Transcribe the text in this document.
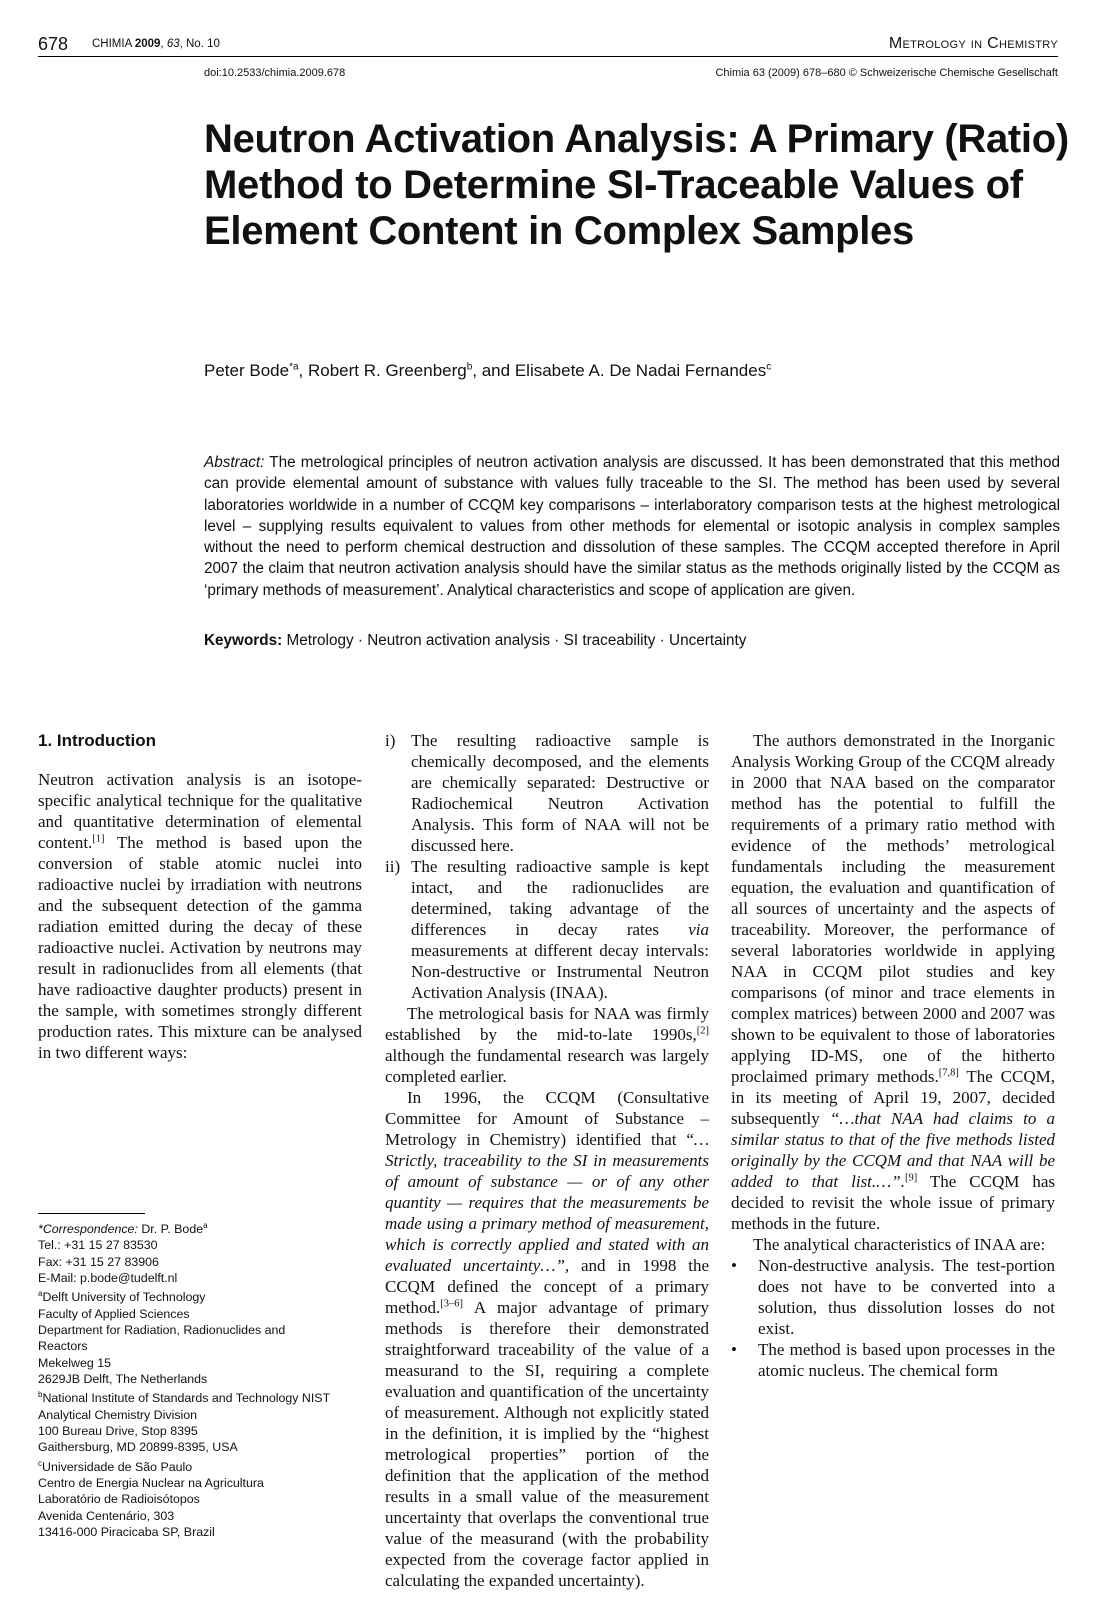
678 CHIMIA 2009, 63, No. 10	Metrology in Chemistry
doi:10.2533/chimia.2009.678	Chimia 63 (2009) 678–680 © Schweizerische Chemische Gesellschaft
Neutron Activation Analysis: A Primary (Ratio) Method to Determine SI-Traceable Values of Element Content in Complex Samples
Peter Bode$^{*a}$, Robert R. Greenberg$^b$, and Elisabete A. De Nadai Fernandes$^c$

Abstract: The metrological principles of neutron activation analysis are discussed. It has been demonstrated that this method can provide elemental amount of substance with values fully traceable to the SI. The method has been used by several laboratories worldwide in a number of CCQM key comparisons – interlaboratory comparison tests at the highest metrological level – supplying results equivalent to values from other methods for elemental or isotopic analysis in complex samples without the need to perform chemical destruction and dissolution of these samples. The CCQM accepted therefore in April 2007 the claim that neutron activation analysis should have the similar status as the methods originally listed by the CCQM as ‘primary methods of measurement’. Analytical characteristics and scope of application are given.

Keywords: Metrology · Neutron activation analysis · SI traceability · Uncertainty

1. Introduction

Neutron activation analysis is an isotope-specific analytical technique for the qualitative and quantitative determination of elemental content.[1] The method is based upon the conversion of stable atomic nuclei into radioactive nuclei by irradiation with neutrons and the subsequent detection of the gamma radiation emitted during the decay of these radioactive nuclei. Activation by neutrons may result in radionuclides from all elements (that have radioactive daughter products) present in the sample, with sometimes strongly different production rates. This mixture can be analysed in two different ways:

i) The resulting radioactive sample is chemically decomposed, and the elements are chemically separated: Destructive or Radiochemical Neutron Activation Analysis. This form of NAA will not be discussed here.
ii) The resulting radioactive sample is kept intact, and the radionuclides are determined, taking advantage of the differences in decay rates via measurements at different decay intervals: Non-destructive or Instrumental Neutron Activation Analysis (INAA).

The metrological basis for NAA was firmly established by the mid-to-late 1990s,[2] although the fundamental research was largely completed earlier.

In 1996, the CCQM (Consultative Committee for Amount of Substance – Metrology in Chemistry) identified that “…Strictly, traceability to the SI in measurements of amount of substance — or of any other quantity — requires that the measurements be made using a primary method of measurement, which is correctly applied and stated with an evaluated uncertainty…”, and in 1998 the CCQM defined the concept of a primary method.[3–6] A major advantage of primary methods is therefore their demonstrated straightforward traceability of the value of a measurand to the SI, requiring a complete evaluation and quantification of the uncertainty of measurement. Although not explicitly stated in the definition, it is implied by the “highest metrological properties” portion of the definition that the application of the method results in a small value of the measurement uncertainty that overlaps the conventional true value of the measurand (with the probability expected from the coverage factor applied in calculating the expanded uncertainty).

The authors demonstrated in the Inorganic Analysis Working Group of the CCQM already in 2000 that NAA based on the comparator method has the potential to fulfill the requirements of a primary ratio method with evidence of the methods’ metrological fundamentals including the measurement equation, the evaluation and quantification of all sources of uncertainty and the aspects of traceability. Moreover, the performance of several laboratories worldwide in applying NAA in CCQM pilot studies and key comparisons (of minor and trace elements in complex matrices) between 2000 and 2007 was shown to be equivalent to those of laboratories applying ID-MS, one of the hitherto proclaimed primary methods.[7,8] The CCQM, in its meeting of April 19, 2007, decided subsequently “…that NAA had claims to a similar status to that of the five methods listed originally by the CCQM and that NAA will be added to that list.…”.[9] The CCQM has decided to revisit the whole issue of primary methods in the future.

The analytical characteristics of INAA are:

•	Non-destructive analysis. The test-portion does not have to be converted into a solution, thus dissolution losses do not exist.
•	The method is based upon processes in the atomic nucleus. The chemical form
*Correspondence: Dr. P. Bode$^a$
Tel.: +31 15 27 83530
Fax: +31 15 27 83906
E-Mail: p.bode@tudelft.nl
$^a$Delft University of Technology
Faculty of Applied Sciences
Department for Radiation, Radionuclides and
Reactors
Mekelweg 15
2629JB Delft, The Netherlands
$^b$National Institute of Standards and Technology NIST
Analytical Chemistry Division
100 Bureau Drive, Stop 8395
Gaithersburg, MD 20899-8395, USA
$^c$Universidade de São Paulo
Centro de Energia Nuclear na Agricultura
Laboratório de Radioisótopos
Avenida Centenário, 303
13416-000 Piracicaba SP, Brazil
